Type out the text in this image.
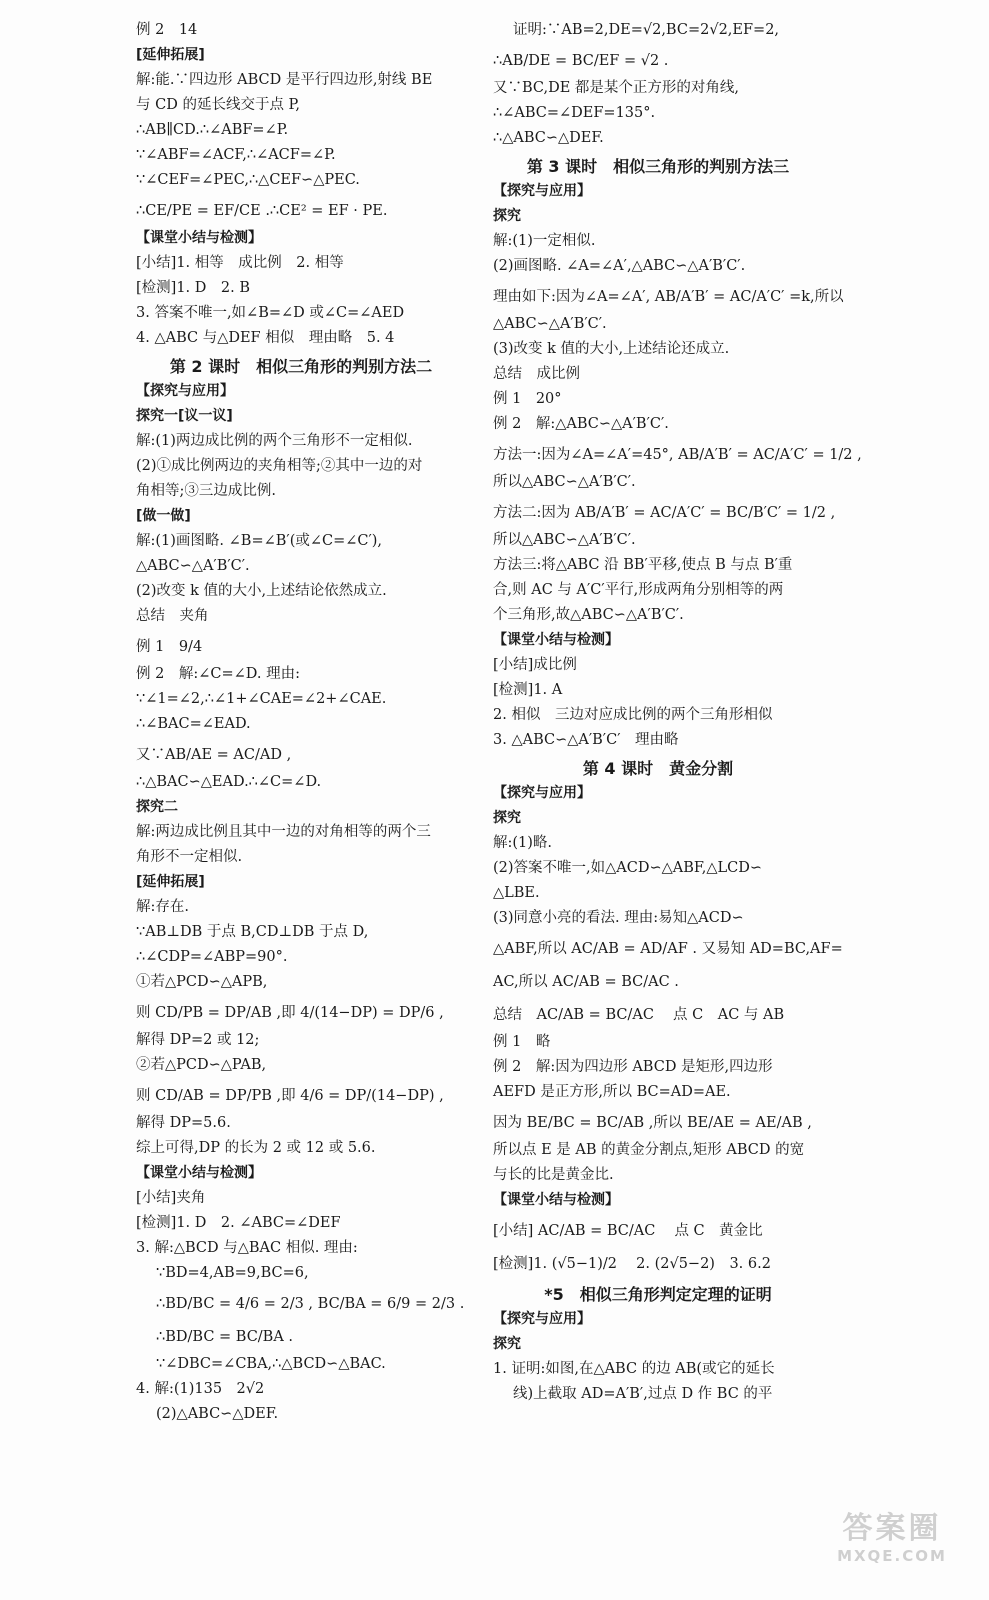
例 2　14
[延伸拓展]
解:能.∵四边形 ABCD 是平行四边形,射线 BE
与 CD 的延长线交于点 P,
∴AB∥CD.∴∠ABF=∠P.
∵∠ABF=∠ACF,∴∠ACF=∠P.
∵∠CEF=∠PEC,∴△CEF∽△PEC.
∴CE/PE = EF/CE .∴CE² = EF · PE.
【课堂小结与检测】
[小结]1. 相等　成比例　2. 相等
[检测]1. D　2. B
3. 答案不唯一,如∠B=∠D 或∠C=∠AED
4. △ABC 与△DEF 相似　理由略　5. 4
第 2 课时　相似三角形的判别方法二
【探究与应用】
探究一[议一议]
解:(1)两边成比例的两个三角形不一定相似.
(2)①成比例两边的夹角相等;②其中一边的对
角相等;③三边成比例.
[做一做]
解:(1)画图略. ∠B=∠B′(或∠C=∠C′),
△ABC∽△A′B′C′.
(2)改变 k 值的大小,上述结论依然成立.
总结　夹角
例 1　9/4
例 2　解:∠C=∠D. 理由:
∵∠1=∠2,∴∠1+∠CAE=∠2+∠CAE.
∴∠BAC=∠EAD.
又∵AB/AE = AC/AD ,
∴△BAC∽△EAD.∴∠C=∠D.
探究二
解:两边成比例且其中一边的对角相等的两个三
角形不一定相似.
[延伸拓展]
解:存在.
∵AB⊥DB 于点 B,CD⊥DB 于点 D,
∴∠CDP=∠ABP=90°.
①若△PCD∽△APB,
则 CD/PB = DP/AB ,即 4/(14−DP) = DP/6 ,
解得 DP=2 或 12;
②若△PCD∽△PAB,
则 CD/AB = DP/PB ,即 4/6 = DP/(14−DP) ,
解得 DP=5.6.
综上可得,DP 的长为 2 或 12 或 5.6.
【课堂小结与检测】
[小结]夹角
[检测]1. D　2. ∠ABC=∠DEF
3. 解:△BCD 与△BAC 相似. 理由:
∵BD=4,AB=9,BC=6,
∴BD/BC = 4/6 = 2/3 , BC/BA = 6/9 = 2/3 .
∴BD/BC = BC/BA .
∵∠DBC=∠CBA,∴△BCD∽△BAC.
4. 解:(1)135　2√2
(2)△ABC∽△DEF.
证明:∵AB=2,DE=√2,BC=2√2,EF=2,
∴AB/DE = BC/EF = √2 .
又∵BC,DE 都是某个正方形的对角线,
∴∠ABC=∠DEF=135°.
∴△ABC∽△DEF.
第 3 课时　相似三角形的判别方法三
【探究与应用】
探究
解:(1)一定相似.
(2)画图略. ∠A=∠A′,△ABC∽△A′B′C′.
理由如下:因为∠A=∠A′, AB/A′B′ = AC/A′C′ =k,所以
△ABC∽△A′B′C′.
(3)改变 k 值的大小,上述结论还成立.
总结　成比例
例 1　20°
例 2　解:△ABC∽△A′B′C′.
方法一:因为∠A=∠A′=45°, AB/A′B′ = AC/A′C′ = 1/2 ,
所以△ABC∽△A′B′C′.
方法二:因为 AB/A′B′ = AC/A′C′ = BC/B′C′ = 1/2 ,
所以△ABC∽△A′B′C′.
方法三:将△ABC 沿 BB′平移,使点 B 与点 B′重
合,则 AC 与 A′C′平行,形成两角分别相等的两
个三角形,故△ABC∽△A′B′C′.
【课堂小结与检测】
[小结]成比例
[检测]1. A
2. 相似　三边对应成比例的两个三角形相似
3. △ABC∽△A′B′C′　理由略
第 4 课时　黄金分割
【探究与应用】
探究
解:(1)略.
(2)答案不唯一,如△ACD∽△ABF,△LCD∽
△LBE.
(3)同意小亮的看法. 理由:易知△ACD∽
△ABF,所以 AC/AB = AD/AF . 又易知 AD=BC,AF=
AC,所以 AC/AB = BC/AC .
总结　AC/AB = BC/AC 　点 C　AC 与 AB
例 1　略
例 2　解:因为四边形 ABCD 是矩形,四边形
AEFD 是正方形,所以 BC=AD=AE.
因为 BE/BC = BC/AB ,所以 BE/AE = AE/AB ,
所以点 E 是 AB 的黄金分割点,矩形 ABCD 的宽
与长的比是黄金比.
【课堂小结与检测】
[小结] AC/AB = BC/AC 　点 C　黄金比
[检测]1. (√5−1)/2 　2. (2√5−2)　3. 6.2
*5　相似三角形判定定理的证明
【探究与应用】
探究
1. 证明:如图,在△ABC 的边 AB(或它的延长
线)上截取 AD=A′B′,过点 D 作 BC 的平
答案圈
MXQE.COM
